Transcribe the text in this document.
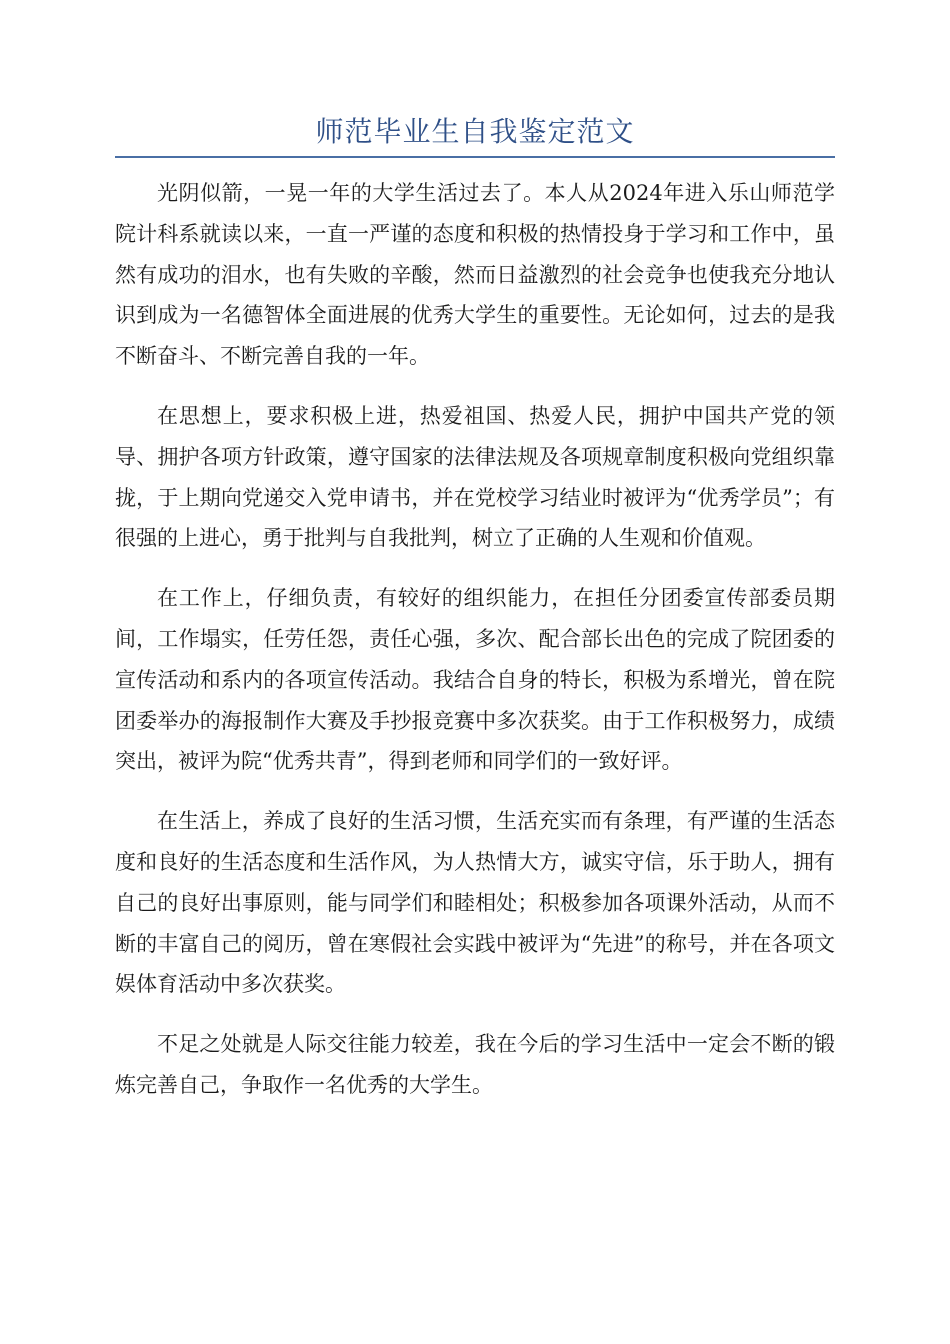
师范毕业生自我鉴定范文

光阴似箭，一晃一年的大学生活过去了。本人从2024年进入乐山师范学院计科系就读以来，一直一严谨的态度和积极的热情投身于学习和工作中，虽然有成功的泪水，也有失败的辛酸，然而日益激烈的社会竞争也使我充分地认识到成为一名德智体全面进展的优秀大学生的重要性。无论如何，过去的是我不断奋斗、不断完善自我的一年。

在思想上，要求积极上进，热爱祖国、热爱人民，拥护中国共产党的领导、拥护各项方针政策，遵守国家的法律法规及各项规章制度积极向党组织靠拢，于上期向党递交入党申请书，并在党校学习结业时被评为“优秀学员”；有很强的上进心，勇于批判与自我批判，树立了正确的人生观和价值观。

在工作上，仔细负责，有较好的组织能力，在担任分团委宣传部委员期间，工作塌实，任劳任怨，责任心强，多次、配合部长出色的完成了院团委的宣传活动和系内的各项宣传活动。我结合自身的特长，积极为系增光，曾在院团委举办的海报制作大赛及手抄报竞赛中多次获奖。由于工作积极努力，成绩突出，被评为院“优秀共青”，得到老师和同学们的一致好评。

在生活上，养成了良好的生活习惯，生活充实而有条理，有严谨的生活态度和良好的生活态度和生活作风，为人热情大方，诚实守信，乐于助人，拥有自己的良好出事原则，能与同学们和睦相处；积极参加各项课外活动，从而不断的丰富自己的阅历，曾在寒假社会实践中被评为“先进”的称号，并在各项文娱体育活动中多次获奖。

不足之处就是人际交往能力较差，我在今后的学习生活中一定会不断的锻炼完善自己，争取作一名优秀的大学生。
